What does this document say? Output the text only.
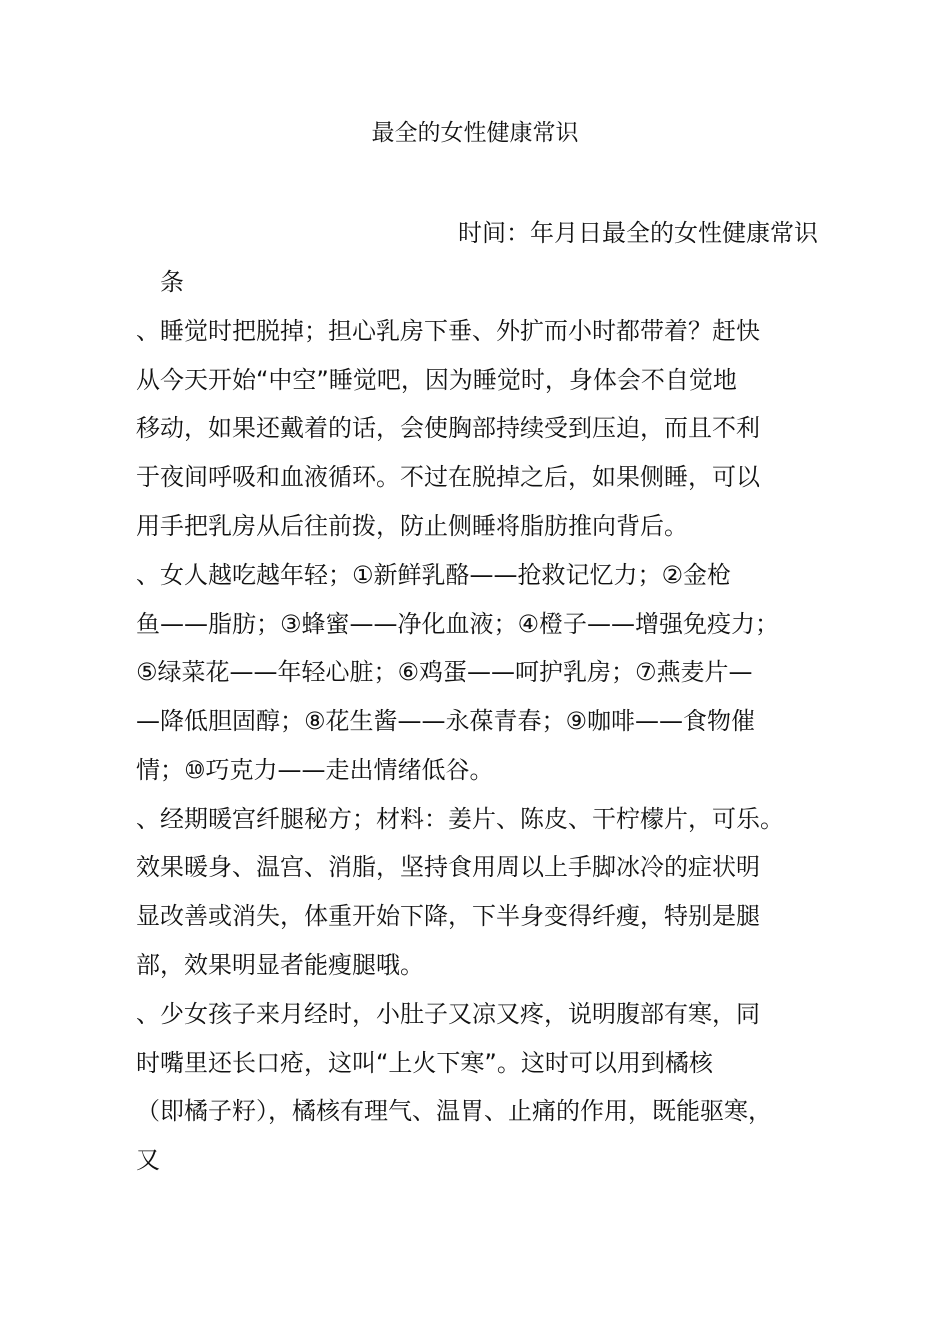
最全的女性健康常识
时间：年月日最全的女性健康常识
　条
、睡觉时把脱掉；担心乳房下垂、外扩而小时都带着？赶快
从今天开始“中空”睡觉吧，因为睡觉时，身体会不自觉地
移动，如果还戴着的话，会使胸部持续受到压迫，而且不利
于夜间呼吸和血液循环。不过在脱掉之后，如果侧睡，可以
用手把乳房从后往前拨，防止侧睡将脂肪推向背后。
、女人越吃越年轻；①新鲜乳酪——抢救记忆力；②金枪
鱼——脂肪；③蜂蜜——净化血液；④橙子——增强免疫力；
⑤绿菜花——年轻心脏；⑥鸡蛋——呵护乳房；⑦燕麦片—
—降低胆固醇；⑧花生酱——永葆青春；⑨咖啡——食物催
情；⑩巧克力——走出情绪低谷。
、经期暖宫纤腿秘方；材料：姜片、陈皮、干柠檬片，可乐。
效果暖身、温宫、消脂，坚持食用周以上手脚冰冷的症状明
显改善或消失，体重开始下降，下半身变得纤瘦，特别是腿
部，效果明显者能瘦腿哦。
、少女孩子来月经时，小肚子又凉又疼，说明腹部有寒，同
时嘴里还长口疮，这叫“上火下寒”。这时可以用到橘核
（即橘子籽），橘核有理气、温胃、止痛的作用，既能驱寒，
又
